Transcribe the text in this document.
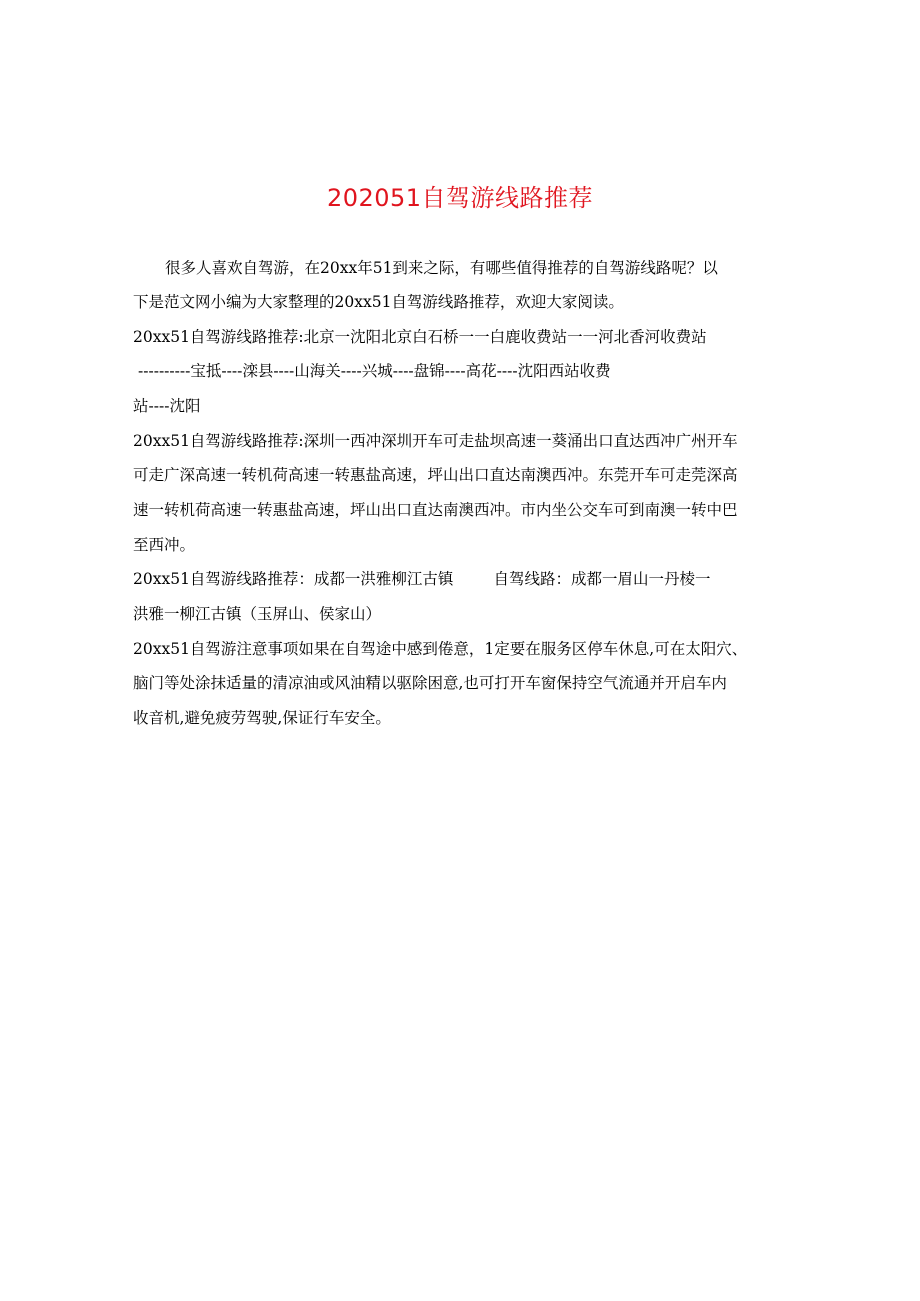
202051自驾游线路推荐
很多人喜欢自驾游，在20xx年51到来之际，有哪些值得推荐的自驾游线路呢？以
下是范文网小编为大家整理的20xx51自驾游线路推荐，欢迎大家阅读。
20xx51自驾游线路推荐:北京一沈阳北京白石桥一一白鹿收费站一一河北香河收费站
----------宝抵----滦县----山海关----兴城----盘锦----高花----沈阳西站收费
站----沈阳
20xx51自驾游线路推荐:深圳一西冲深圳开车可走盐坝高速一葵涌出口直达西冲广州开车
可走广深高速一转机荷高速一转惠盐高速，坪山出口直达南澳西冲。东莞开车可走莞深高
速一转机荷高速一转惠盐高速，坪山出口直达南澳西冲。市内坐公交车可到南澳一转中巴
至西冲。
20xx51自驾游线路推荐：成都一洪雅柳江古镇	自驾线路：成都一眉山一丹棱一
洪雅一柳江古镇（玉屏山、侯家山）
20xx51自驾游注意事项如果在自驾途中感到倦意，1定要在服务区停车休息,可在太阳穴、
脑门等处涂抹适量的清凉油或风油精以驱除困意,也可打开车窗保持空气流通并开启车内
收音机,避免疲劳驾驶,保证行车安全。
